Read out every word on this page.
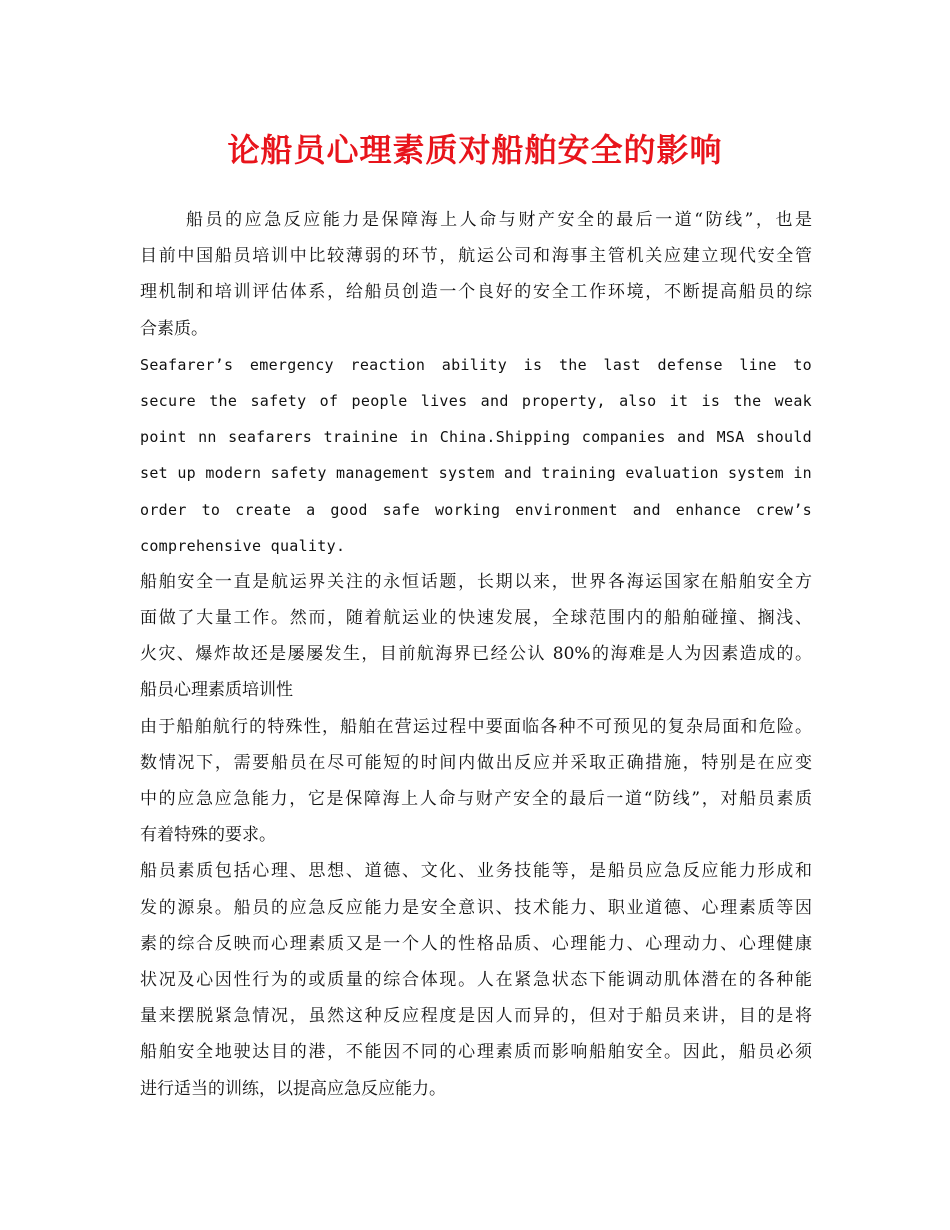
论船员心理素质对船舶安全的影响

船员的应急反应能力是保障海上人命与财产安全的最后一道“防线”，也是

目前中国船员培训中比较薄弱的环节，航运公司和海事主管机关应建立现代安全管

理机制和培训评估体系，给船员创造一个良好的安全工作环境，不断提高船员的综

合素质。

Seafarer’s emergency reaction ability is the last defense line to

secure the safety of people lives and property, also it is the weak

point nn seafarers trainine in China.Shipping companies and MSA should

set up modern safety management system and training evaluation system in

order to create a good safe working environment and enhance crew’s

comprehensive quality.

船舶安全一直是航运界关注的永恒话题，长期以来，世界各海运国家在船舶安全方

面做了大量工作。然而，随着航运业的快速发展，全球范围内的船舶碰撞、搁浅、

火灾、爆炸故还是屡屡发生，目前航海界已经公认 80%的海难是人为因素造成的。

船员心理素质培训性

由于船舶航行的特殊性，船舶在营运过程中要面临各种不可预见的复杂局面和危险。

数情况下，需要船员在尽可能短的时间内做出反应并采取正确措施，特别是在应变

中的应急应急能力，它是保障海上人命与财产安全的最后一道“防线”，对船员素质

有着特殊的要求。

船员素质包括心理、思想、道德、文化、业务技能等，是船员应急反应能力形成和

发的源泉。船员的应急反应能力是安全意识、技术能力、职业道德、心理素质等因

素的综合反映而心理素质又是一个人的性格品质、心理能力、心理动力、心理健康

状况及心因性行为的或质量的综合体现。人在紧急状态下能调动肌体潜在的各种能

量来摆脱紧急情况，虽然这种反应程度是因人而异的，但对于船员来讲，目的是将

船舶安全地驶达目的港，不能因不同的心理素质而影响船舶安全。因此，船员必须

进行适当的训练，以提高应急反应能力。
